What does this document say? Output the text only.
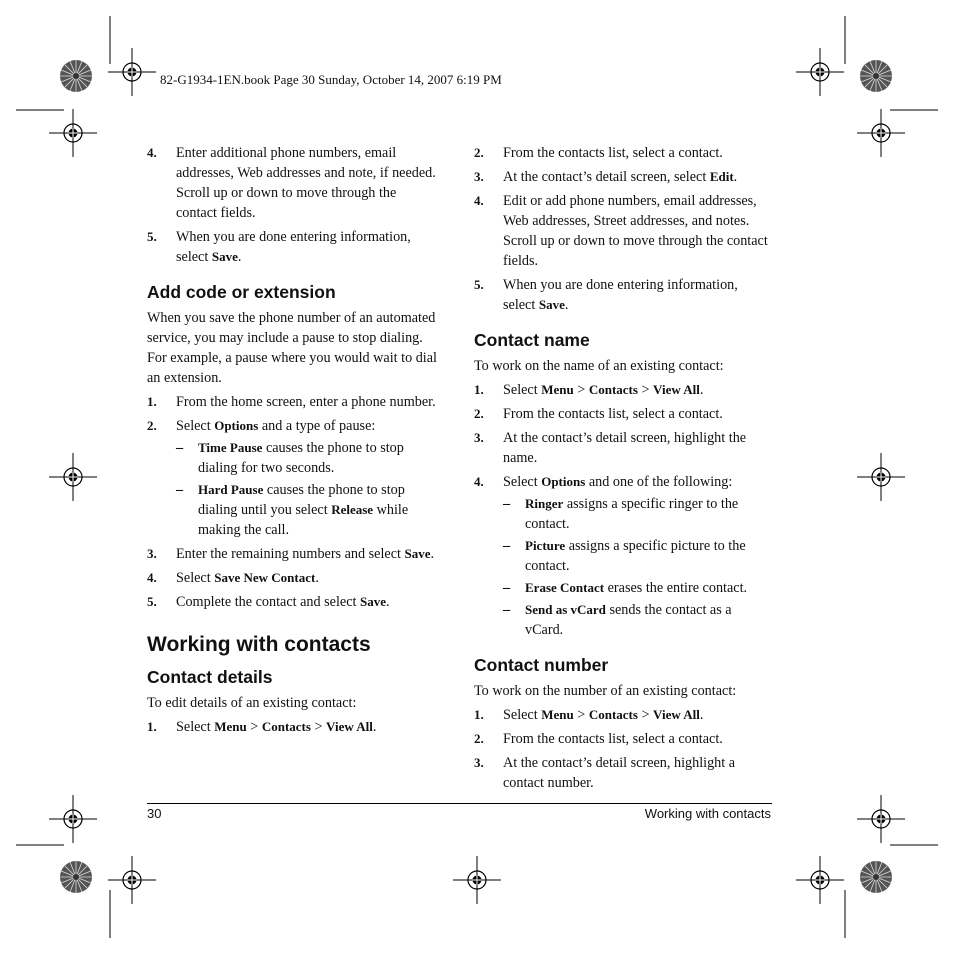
82-G1934-1EN.book Page 30 Sunday, October 14, 2007 6:19 PM
4. Enter additional phone numbers, email addresses, Web addresses and note, if needed. Scroll up or down to move through the contact fields.
5. When you are done entering information, select Save.
Add code or extension
When you save the phone number of an automated service, you may include a pause to stop dialing. For example, a pause where you would wait to dial an extension.
1. From the home screen, enter a phone number.
2. Select Options and a type of pause:
– Time Pause causes the phone to stop dialing for two seconds.
– Hard Pause causes the phone to stop dialing until you select Release while making the call.
3. Enter the remaining numbers and select Save.
4. Select Save New Contact.
5. Complete the contact and select Save.
Working with contacts
Contact details
To edit details of an existing contact:
1. Select Menu > Contacts > View All.
2. From the contacts list, select a contact.
3. At the contact’s detail screen, select Edit.
4. Edit or add phone numbers, email addresses, Web addresses, Street addresses, and notes. Scroll up or down to move through the contact fields.
5. When you are done entering information, select Save.
Contact name
To work on the name of an existing contact:
1. Select Menu > Contacts > View All.
2. From the contacts list, select a contact.
3. At the contact’s detail screen, highlight the name.
4. Select Options and one of the following:
– Ringer assigns a specific ringer to the contact.
– Picture assigns a specific picture to the contact.
– Erase Contact erases the entire contact.
– Send as vCard sends the contact as a vCard.
Contact number
To work on the number of an existing contact:
1. Select Menu > Contacts > View All.
2. From the contacts list, select a contact.
3. At the contact’s detail screen, highlight a contact number.
30	Working with contacts
